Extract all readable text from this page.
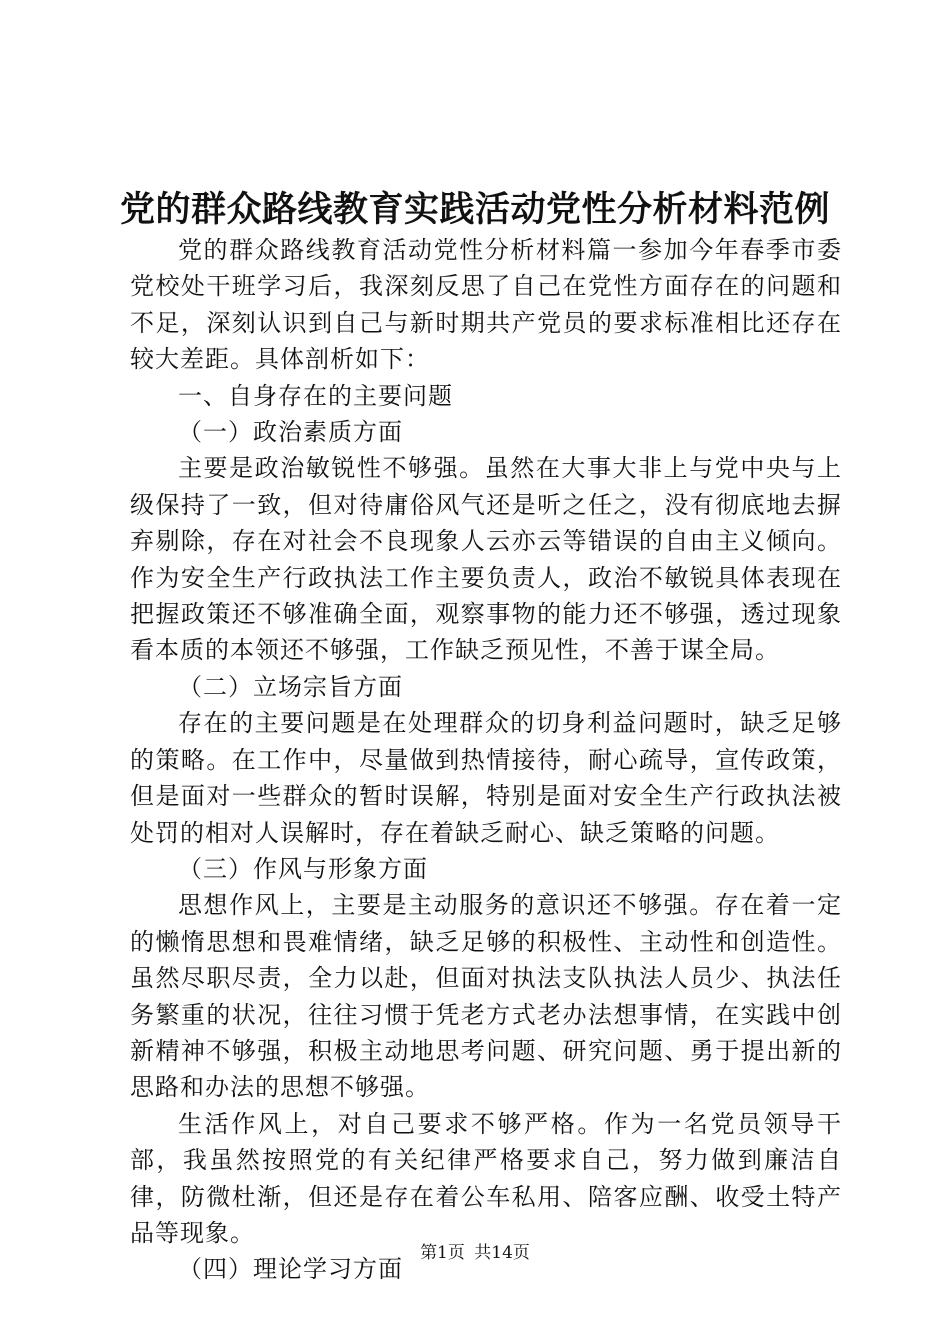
党的群众路线教育实践活动党性分析材料范例

党的群众路线教育活动党性分析材料篇一参加今年春季市委党校处干班学习后，我深刻反思了自己在党性方面存在的问题和不足，深刻认识到自己与新时期共产党员的要求标准相比还存在较大差距。具体剖析如下：

一、自身存在的主要问题

（一）政治素质方面

主要是政治敏锐性不够强。虽然在大事大非上与党中央与上级保持了一致，但对待庸俗风气还是听之任之，没有彻底地去摒弃剔除，存在对社会不良现象人云亦云等错误的自由主义倾向。作为安全生产行政执法工作主要负责人，政治不敏锐具体表现在把握政策还不够准确全面，观察事物的能力还不够强，透过现象看本质的本领还不够强，工作缺乏预见性，不善于谋全局。

（二）立场宗旨方面

存在的主要问题是在处理群众的切身利益问题时，缺乏足够的策略。在工作中，尽量做到热情接待，耐心疏导，宣传政策，但是面对一些群众的暂时误解，特别是面对安全生产行政执法被处罚的相对人误解时，存在着缺乏耐心、缺乏策略的问题。

（三）作风与形象方面

思想作风上，主要是主动服务的意识还不够强。存在着一定的懒惰思想和畏难情绪，缺乏足够的积极性、主动性和创造性。虽然尽职尽责，全力以赴，但面对执法支队执法人员少、执法任务繁重的状况，往往习惯于凭老方式老办法想事情，在实践中创新精神不够强，积极主动地思考问题、研究问题、勇于提出新的思路和办法的思想不够强。

生活作风上，对自己要求不够严格。作为一名党员领导干部，我虽然按照党的有关纪律严格要求自己，努力做到廉洁自律，防微杜渐，但还是存在着公车私用、陪客应酬、收受土特产品等现象。

（四）理论学习方面

第1页 共14页
